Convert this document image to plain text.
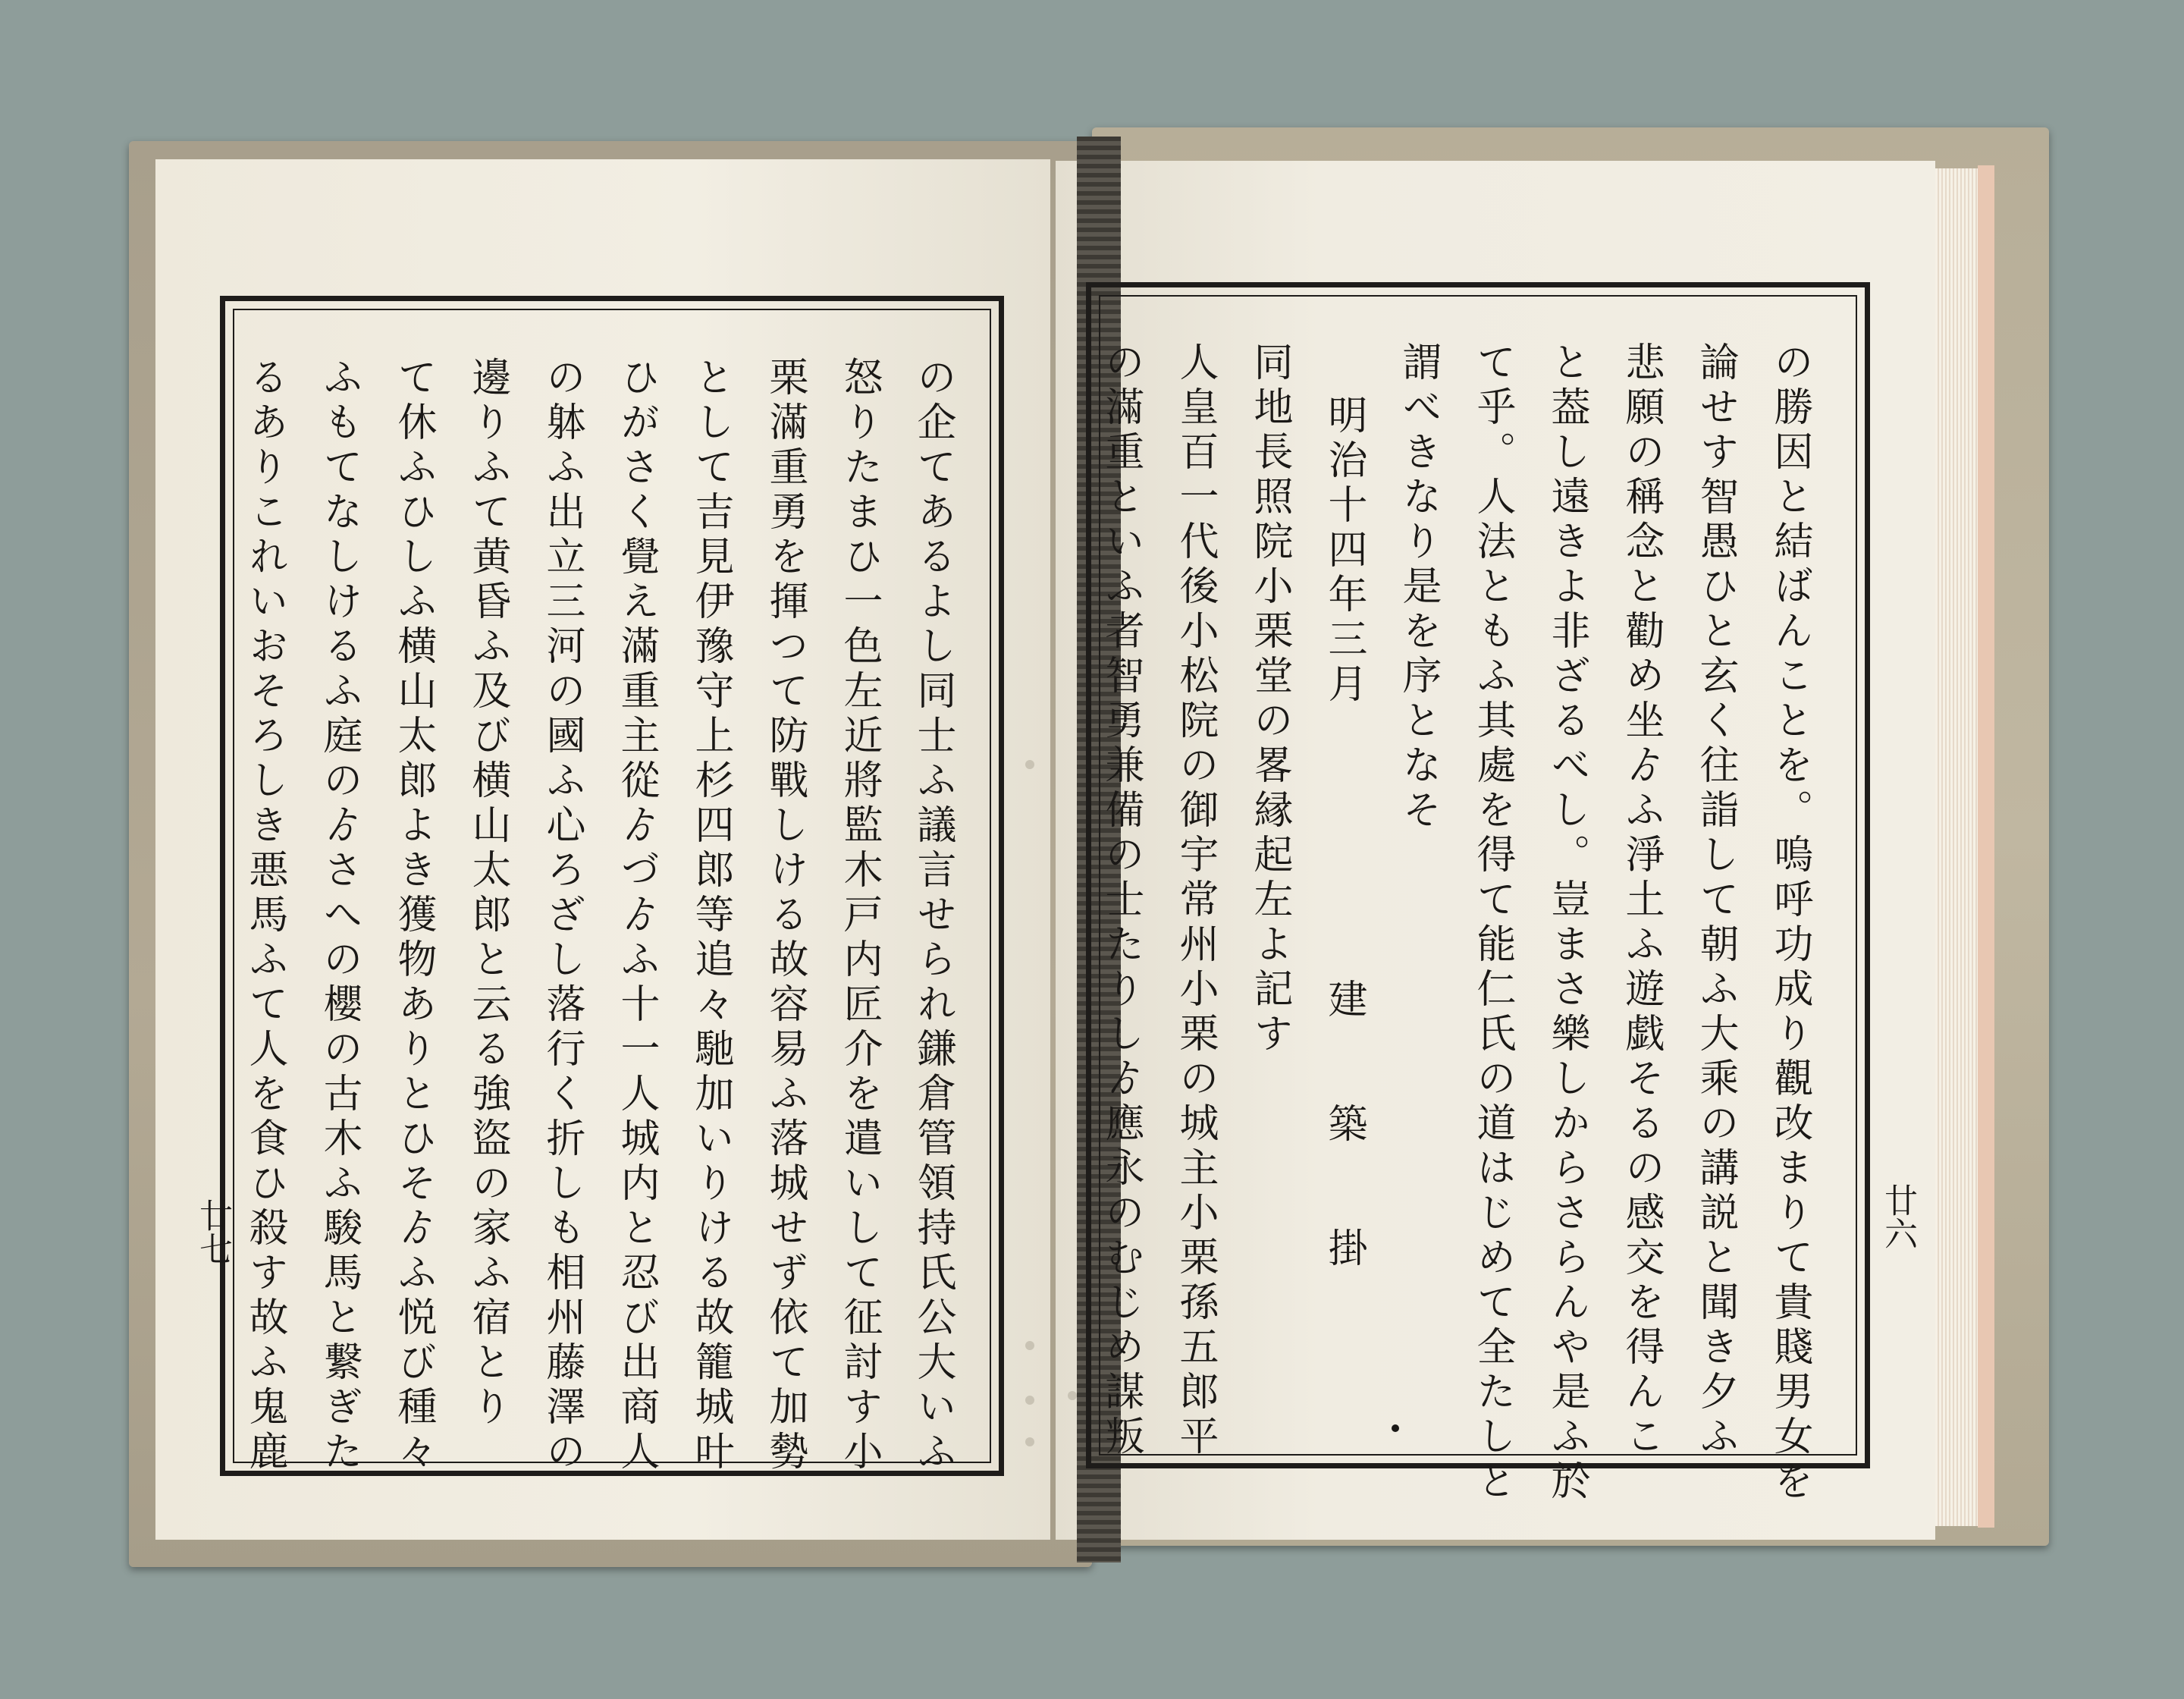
の企てあるよし同士ふ議言せられ鎌倉管領持氏公大いふ
怒りたまひ一色左近將監木戸内匠介を遣いして征討す小
栗滿重勇を揮つて防戰しける故容易ふ落城せず依て加勢
として吉見伊豫守上杉四郎等追々馳加いりける故籠城叶
ひがさく覺え滿重主從ゟづゟふ十一人城内と忍び出商人
の躰ふ出立三河の國ふ心ろざし落行く折しも相州藤澤の
邊りふて黄昏ふ及び横山太郎と云る強盜の家ふ宿とり
て休ふひしふ横山太郎よき獲物ありとひそゟふ悦び種々
ふもてなしけるふ庭のゟさへの櫻の古木ふ駿馬と繋ぎた
るありこれいおそろしき悪馬ふて人を食ひ殺す故ふ鬼鹿
廿七	の勝因と結ばんことを。嗚呼功成り觀改まりて貴賤男女を
論せす智愚ひと玄く往詣して朝ふ大乘の講説と聞き夕ふ
悲願の稱念と勸め坐ゟふ淨土ふ遊戯そるの感交を得んこ
と葢し遠きよ非ざるべし。豈まさ樂しからさらんや是ふ於
て乎。人法ともふ其處を得て能仁氏の道はじめて全たしと
謂べきなり是を序となそ
明治十四年三月
建　築　掛
同地長照院小栗堂の畧縁起左よ記す
人皇百一代後小松院の御宇常州小栗の城主小栗孫五郎平
の滿重といふ者智勇兼備の士たりしゟ應永のむじめ謀叛	廿六
